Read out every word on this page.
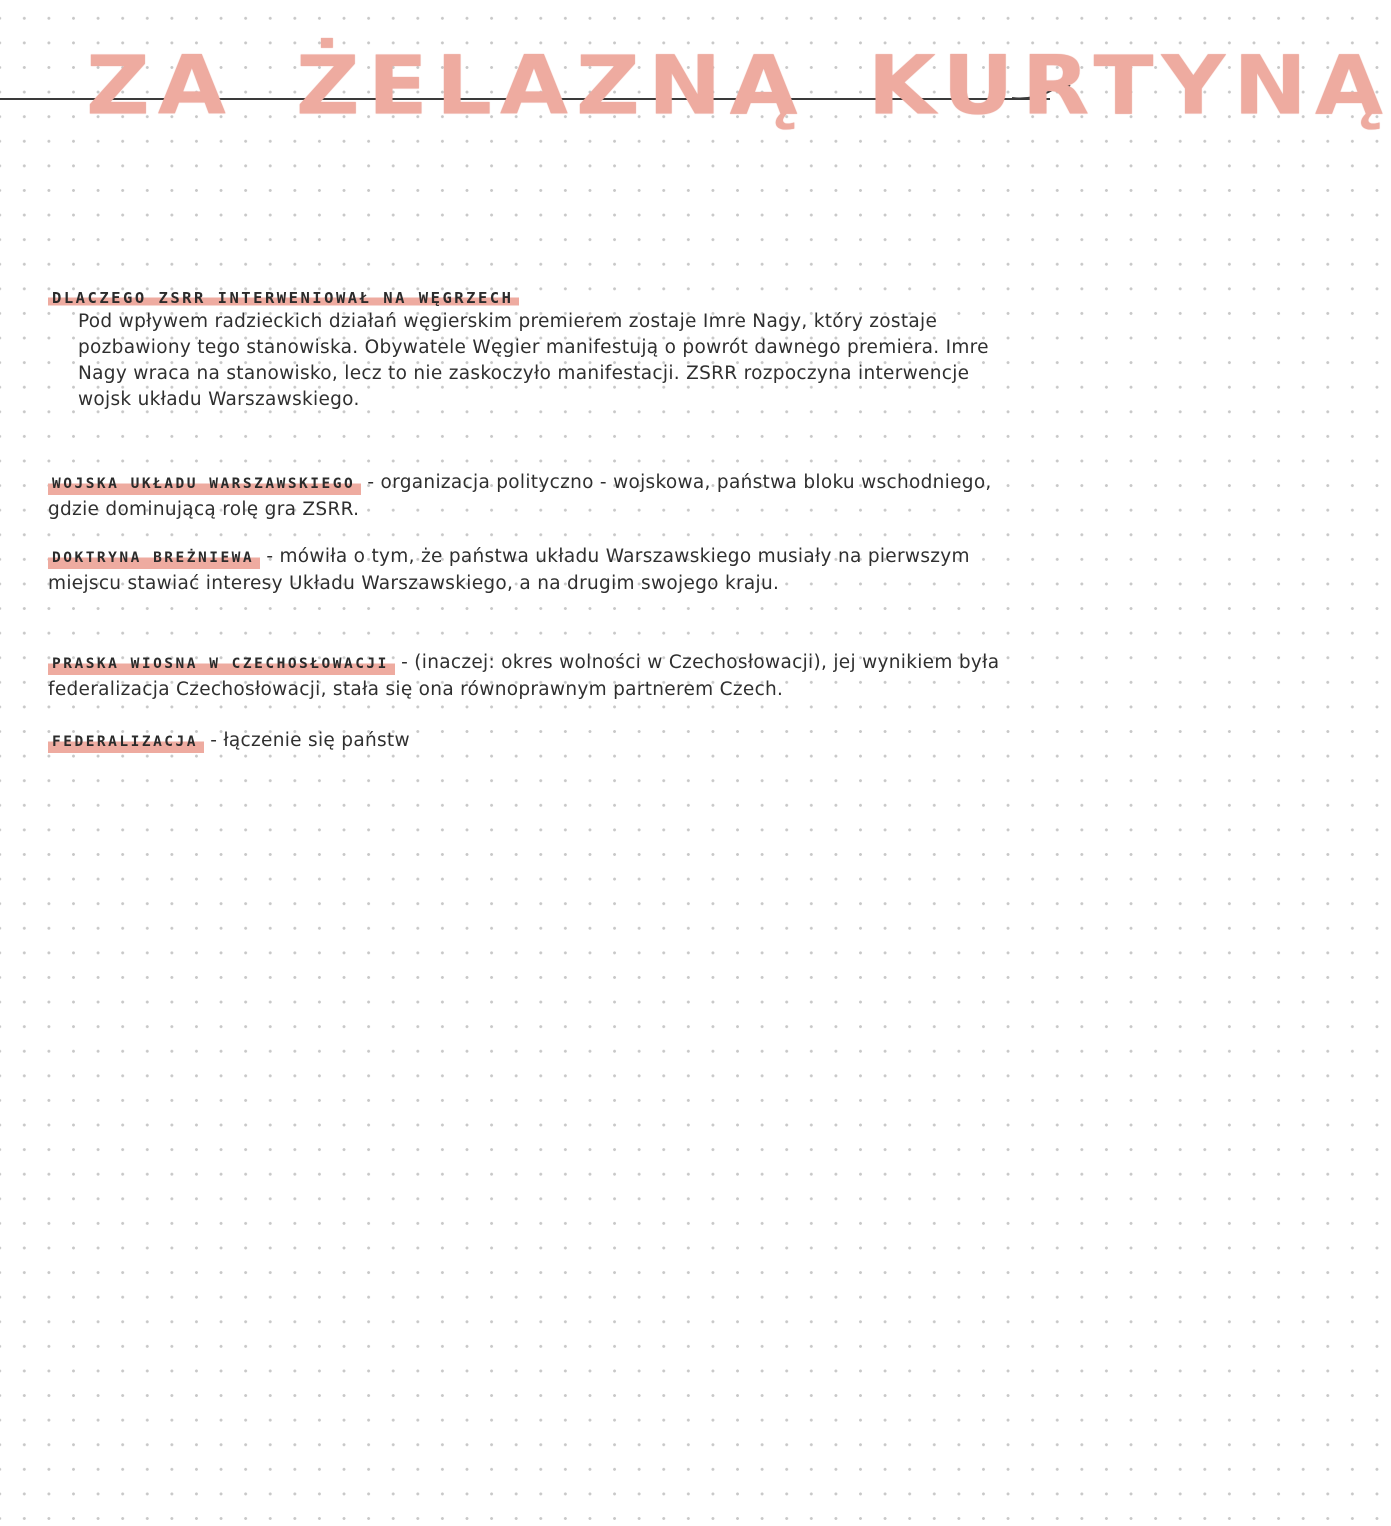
ZA ŻELAZNĄ KURTYNĄ
DLACZEGO ZSRR INTERWENIOWAŁ NA WĘGRZECH
Pod wpływem radzieckich działań węgierskim premierem zostaje Imre Nagy, który zostaje pozbawiony tego stanowiska. Obywatele Węgier manifestują o powrót dawnego premiera. Imre Nagy wraca na stanowisko, lecz to nie zaskoczyło manifestacji. ZSRR rozpoczyna interwencje wojsk układu Warszawskiego.
WOJSKA UKŁADU WARSZAWSKIEGO - organizacja polityczno - wojskowa, państwa bloku wschodniego, gdzie dominującą rolę gra ZSRR.
DOKTRYNA BREŻNIEWA - mówiła o tym, że państwa układu Warszawskiego musiały na pierwszym miejscu stawiać interesy Układu Warszawskiego, a na drugim swojego kraju.
PRASKA WIOSNA W CZECHOSŁOWACJI - (inaczej: okres wolności w Czechosłowacji), jej wynikiem była federalizacja Czechosłowacji, stała się ona równoprawnym partnerem Czech.
FEDERALIZACJA - łączenie się państw
